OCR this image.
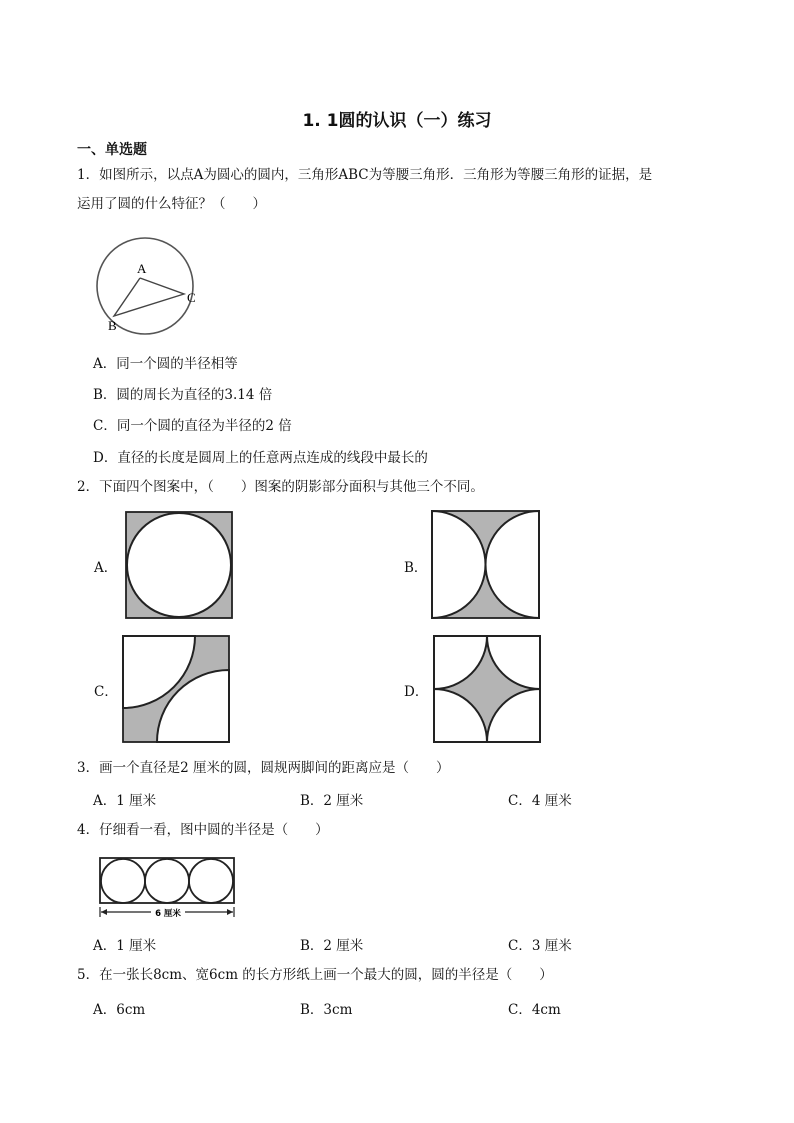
1. 1圆的认识（一）练习
一、单选题
1．如图所示，以点A为圆心的圆内，三角形ABC为等腰三角形．三角形为等腰三角形的证据，是
运用了圆的什么特征？（　　）
A
B
C
A．同一个圆的半径相等
B．圆的周长为直径的3.14 倍
C．同一个圆的直径为半径的2 倍
D．直径的长度是圆周上的任意两点连成的线段中最长的
2．下面四个图案中，（　　）图案的阴影部分面积与其他三个不同。
A．	B．
C．	D．
3．画一个直径是2 厘米的圆，圆规两脚间的距离应是（　　）
A．1 厘米	B．2 厘米	C．4 厘米
4．仔细看一看，图中圆的半径是（　　）
6 厘米
A．1 厘米	B．2 厘米	C．3 厘米
5．在一张长8cm、宽6cm 的长方形纸上画一个最大的圆，圆的半径是（　　）
A．6cm	B．3cm	C．4cm
